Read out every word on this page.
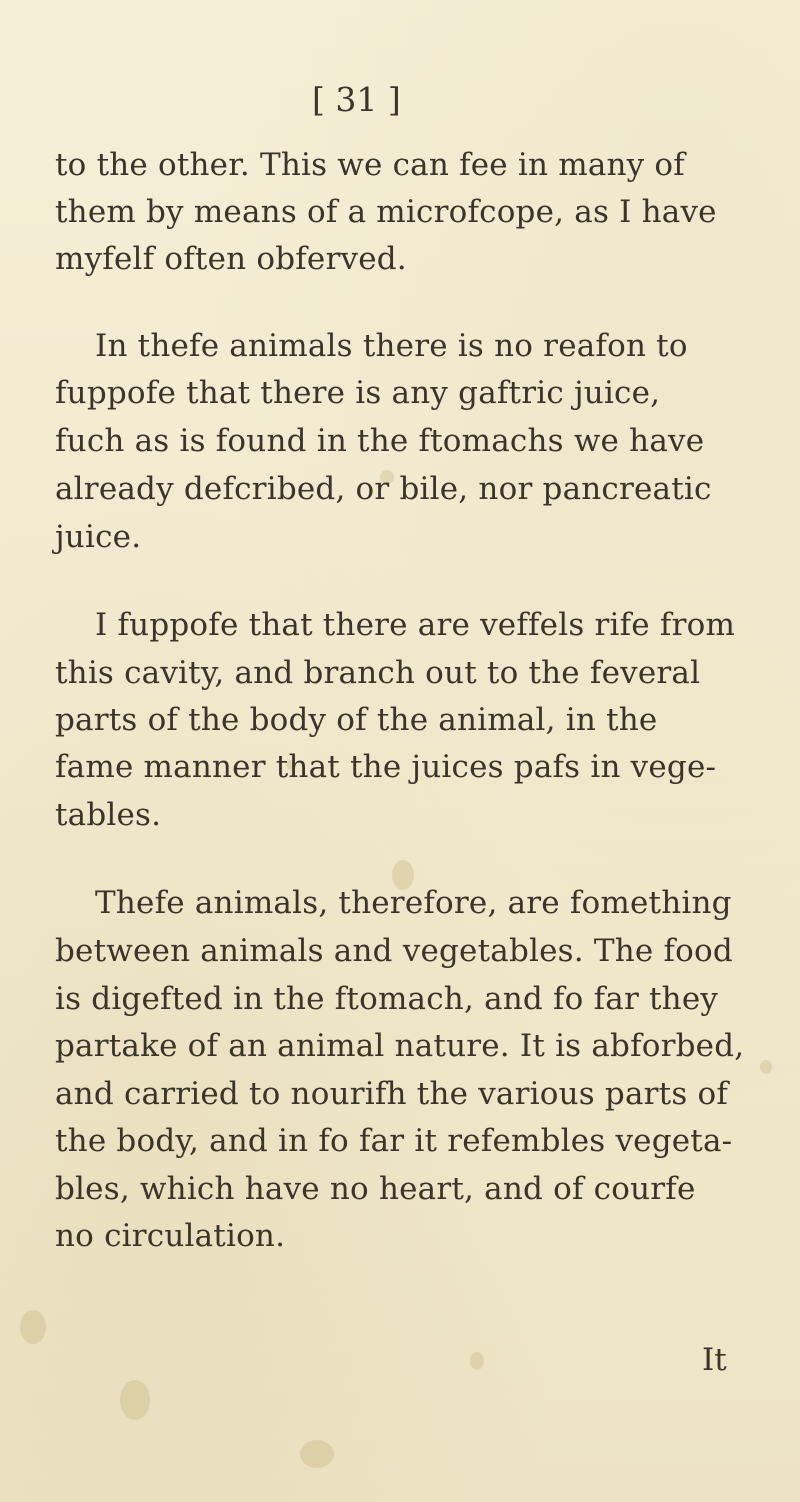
[ 31 ]
to the other. This we can fee in many of
them by means of a microfcope, as I have
myfelf often obferved.
In thefe animals there is no reafon to
fuppofe that there is any gaftric juice,
fuch as is found in the ftomachs we have
already defcribed, or bile, nor pancreatic
juice.
I fuppofe that there are veffels rife from
this cavity, and branch out to the feveral
parts of the body of the animal, in the
fame manner that the juices pafs in vege-
tables.
Thefe animals, therefore, are fomething
between animals and vegetables. The food
is digefted in the ftomach, and fo far they
partake of an animal nature. It is abforbed,
and carried to nourifh the various parts of
the body, and in fo far it refembles vegeta-
bles, which have no heart, and of courfe
no circulation.
It
